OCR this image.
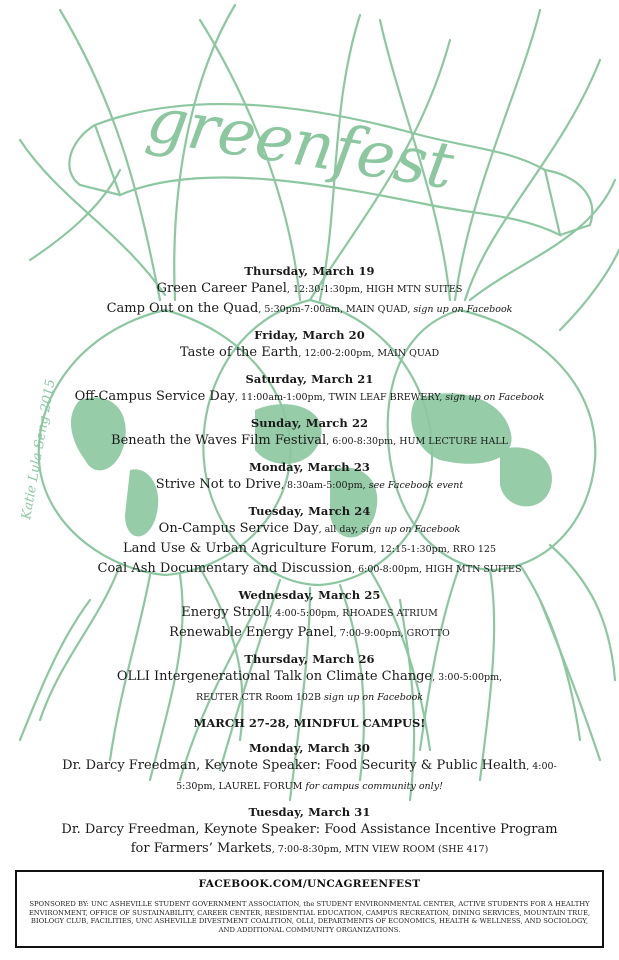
greenfest
Katie Lula Seng 2015
Thursday, March 19
Green Career Panel, 12:30-1:30pm, HIGH MTN SUITES
Camp Out on the Quad, 5:30pm-7:00am, MAIN QUAD, sign up on Facebook
Friday, March 20
Taste of the Earth, 12:00-2:00pm, MAIN QUAD
Saturday, March 21
Off-Campus Service Day, 11:00am-1:00pm, TWIN LEAF BREWERY, sign up on Facebook
Sunday, March 22
Beneath the Waves Film Festival, 6:00-8:30pm, HUM LECTURE HALL
Monday, March 23
Strive Not to Drive, 8:30am-5:00pm, see Facebook event
Tuesday, March 24
On-Campus Service Day, all day, sign up on Facebook
Land Use & Urban Agriculture Forum, 12:15-1:30pm, RRO 125
Coal Ash Documentary and Discussion, 6:00-8:00pm, HIGH MTN SUITES
Wednesday, March 25
Energy Stroll, 4:00-5:00pm, RHOADES ATRIUM
Renewable Energy Panel, 7:00-9:00pm, GROTTO
Thursday, March 26
OLLI Intergenerational Talk on Climate Change, 3:00-5:00pm,
REUTER CTR Room 102B sign up on Facebook
MARCH 27-28, MINDFUL CAMPUS!
Monday, March 30
Dr. Darcy Freedman, Keynote Speaker: Food Security & Public Health, 4:00-5:30pm, LAUREL FORUM for campus community only!
Tuesday, March 31
Dr. Darcy Freedman, Keynote Speaker: Food Assistance Incentive Program for Farmers’ Markets, 7:00-8:30pm, MTN VIEW ROOM (SHE 417)
FACEBOOK.COM/UNCAGREENFEST
SPONSORED BY: UNC ASHEVILLE STUDENT GOVERNMENT ASSOCIATION, the STUDENT ENVIRONMENTAL CENTER, ACTIVE STUDENTS FOR A HEALTHY ENVIRONMENT, OFFICE OF SUSTAINABILITY, CAREER CENTER, RESIDENTIAL EDUCATION, CAMPUS RECREATION, DINING SERVICES, MOUNTAIN TRUE, BIOLOGY CLUB, FACILITIES, UNC ASHEVILLE DIVESTMENT COALITION, OLLI, DEPARTMENTS OF ECONOMICS, HEALTH & WELLNESS, AND SOCIOLOGY, AND ADDITIONAL COMMUNITY ORGANIZATIONS.
